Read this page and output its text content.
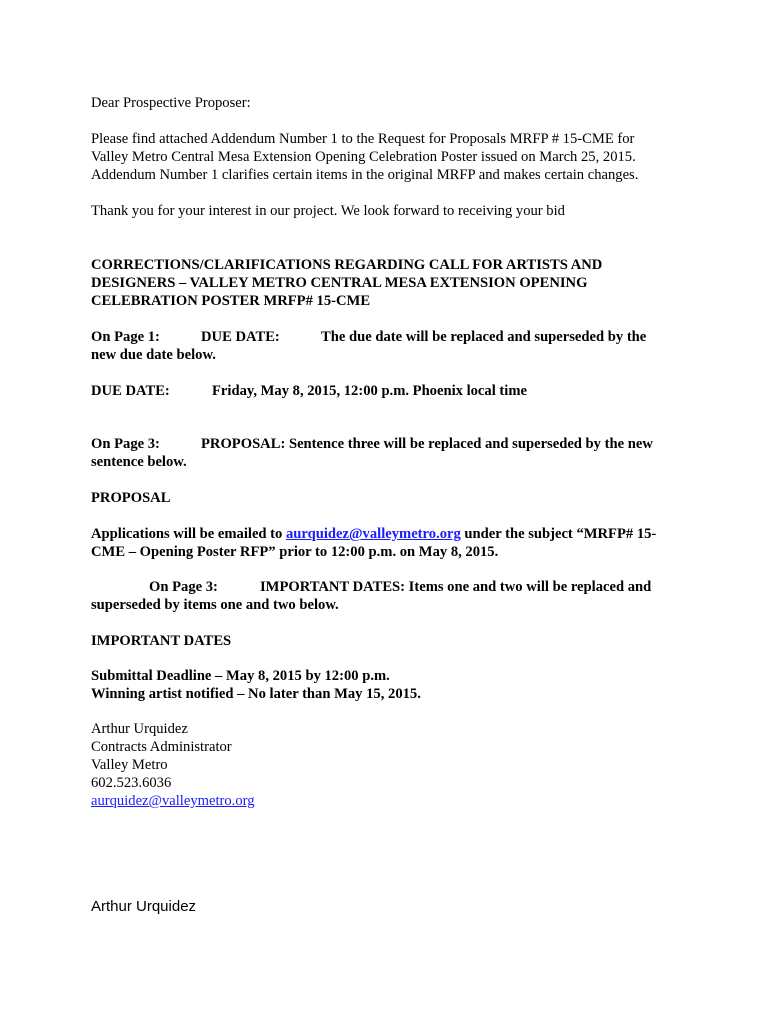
Dear Prospective Proposer:

Please find attached Addendum Number 1 to the Request for Proposals MRFP # 15-CME for

Valley Metro Central Mesa Extension Opening Celebration Poster issued on March 25, 2015.

Addendum Number 1 clarifies certain items in the original MRFP and makes certain changes.

Thank you for your interest in our project. We look forward to receiving your bid

CORRECTIONS/CLARIFICATIONS REGARDING CALL FOR ARTISTS AND

DESIGNERS – VALLEY METRO CENTRAL MESA EXTENSION OPENING

CELEBRATION POSTER MRFP# 15-CME

On Page 1:	DUE DATE:	The due date will be replaced and superseded by the

new due date below.

DUE DATE:	Friday, May 8, 2015, 12:00 p.m. Phoenix local time

On Page 3:	PROPOSAL: Sentence three will be replaced and superseded by the new

sentence below.

PROPOSAL

Applications will be emailed to aurquidez@valleymetro.org under the subject “MRFP# 15-

CME – Opening Poster RFP” prior to 12:00 p.m. on May 8, 2015.

On Page 3:	IMPORTANT DATES: Items one and two will be replaced and

superseded by items one and two below.

IMPORTANT DATES

Submittal Deadline – May 8, 2015 by 12:00 p.m.

Winning artist notified – No later than May 15, 2015.

Arthur Urquidez

Contracts Administrator

Valley Metro

602.523.6036

aurquidez@valleymetro.org

Arthur Urquidez
